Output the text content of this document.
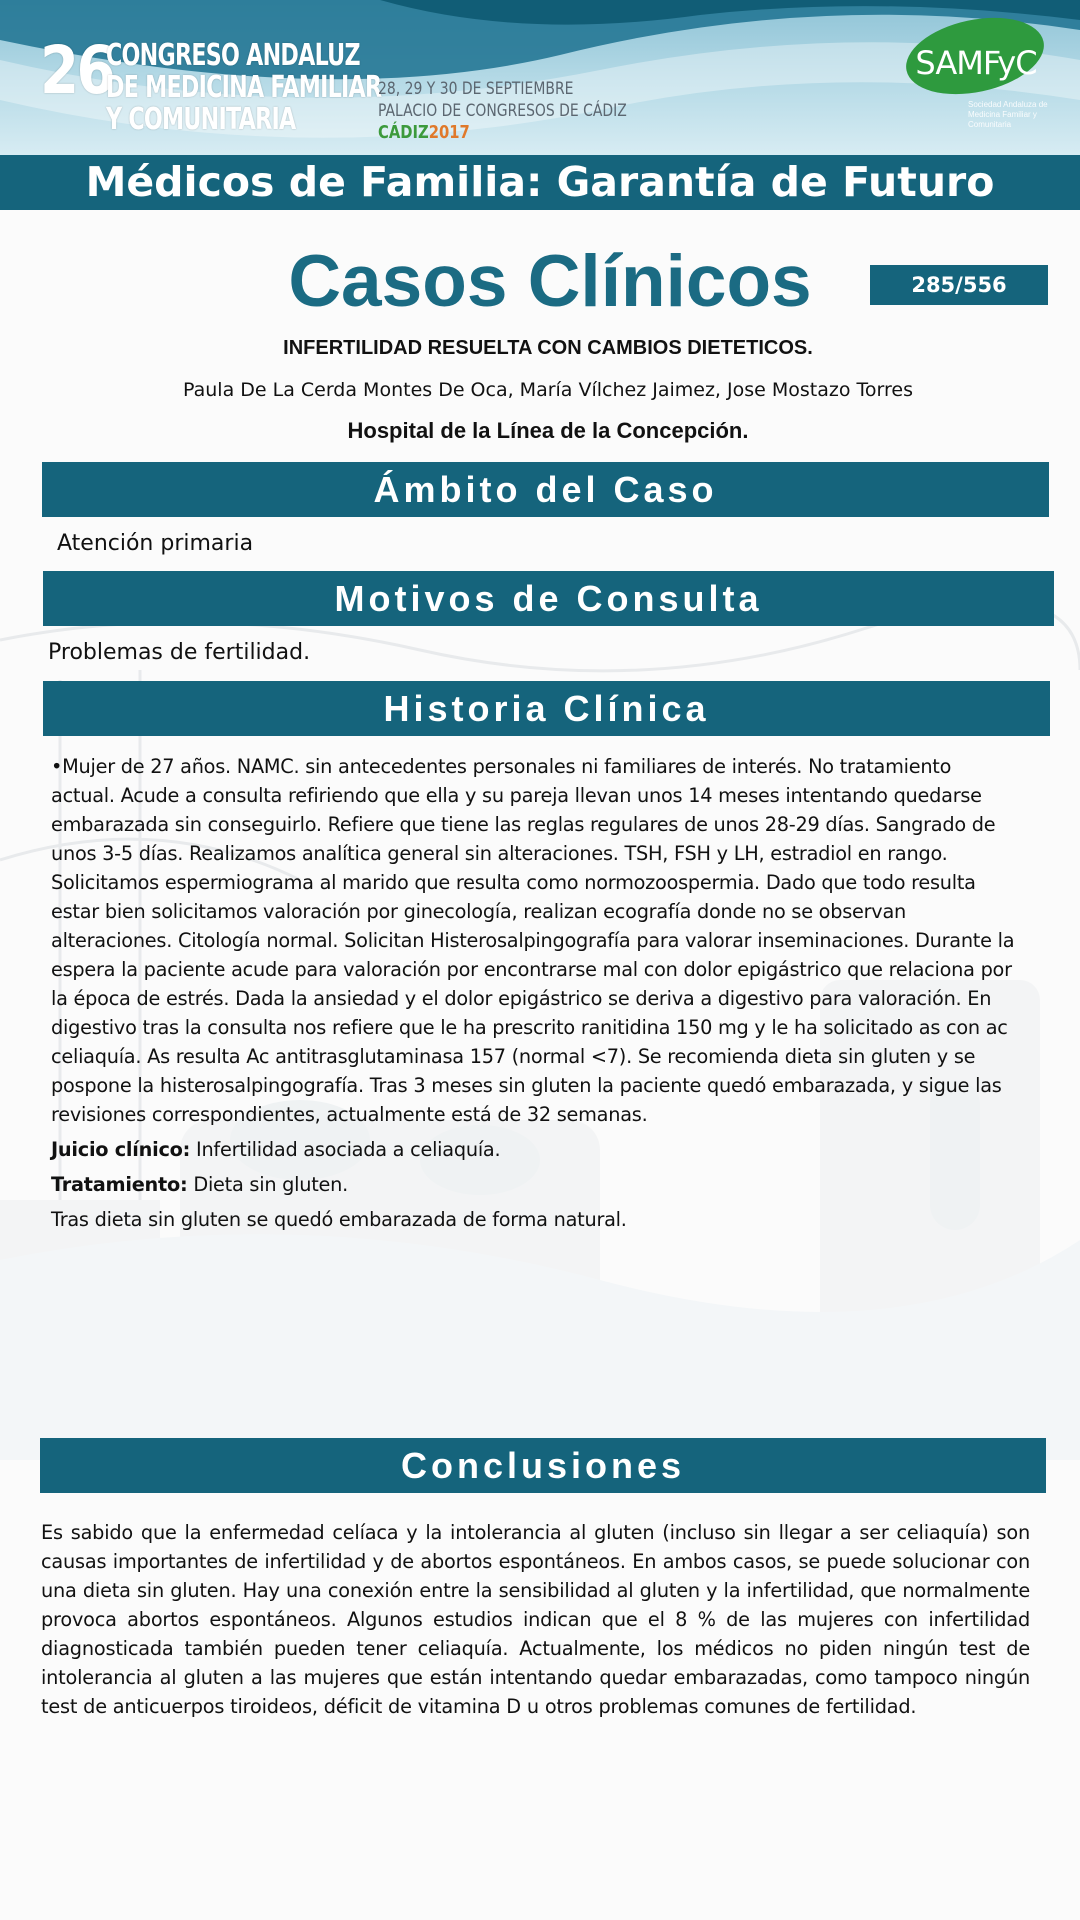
26
CONGRESO ANDALUZ
DE MEDICINA FAMILIAR
Y COMUNITARIA
28, 29 Y 30 DE SEPTIEMBRE
PALACIO DE CONGRESOS DE CÁDIZ
CÁDIZ2017
SAMFyC
Sociedad Andaluza de Medicina Familiar y Comunitaria
Médicos de Familia: Garantía de Futuro
Casos Clínicos	285/556
INFERTILIDAD RESUELTA CON CAMBIOS DIETETICOS.
Paula De La Cerda Montes De Oca, María Vílchez Jaimez, Jose Mostazo Torres
Hospital de la Línea de la Concepción.
Ámbito del Caso
Atención primaria
Motivos de Consulta
Problemas de fertilidad.
Historia Clínica
•Mujer de 27 años. NAMC. sin antecedentes personales ni familiares de interés. No tratamiento
actual. Acude a consulta refiriendo que ella y su pareja llevan unos 14 meses intentando quedarse
embarazada sin conseguirlo. Refiere que tiene las reglas regulares de unos 28-29 días. Sangrado de
unos 3-5 días. Realizamos analítica general sin alteraciones. TSH, FSH y LH, estradiol en rango.
Solicitamos espermiograma al marido que resulta como normozoospermia. Dado que todo resulta
estar bien solicitamos valoración por ginecología, realizan ecografía donde no se observan
alteraciones. Citología normal. Solicitan Histerosalpingografía para valorar inseminaciones. Durante la
espera la paciente acude para valoración por encontrarse mal con dolor epigástrico que relaciona por
la época de estrés. Dada la ansiedad y el dolor epigástrico se deriva a digestivo para valoración. En
digestivo tras la consulta nos refiere que le ha prescrito ranitidina 150 mg y le ha solicitado as con ac
celiaquía. As resulta Ac antitrasglutaminasa 157 (normal <7). Se recomienda dieta sin gluten y se
pospone la histerosalpingografía. Tras 3 meses sin gluten la paciente quedó embarazada, y sigue las
revisiones correspondientes, actualmente está de 32 semanas.

Juicio clínico: Infertilidad asociada a celiaquía.

Tratamiento: Dieta sin gluten.

Tras dieta sin gluten se quedó embarazada de forma natural.

Conclusiones
Es sabido que la enfermedad celíaca y la intolerancia al gluten (incluso sin llegar a ser celiaquía) son causas importantes de infertilidad y de abortos espontáneos. En ambos casos, se puede solucionar con una dieta sin gluten. Hay una conexión entre la sensibilidad al gluten y la infertilidad, que normalmente provoca abortos espontáneos. Algunos estudios indican que el 8 % de las mujeres con infertilidad diagnosticada también pueden tener celiaquía. Actualmente, los médicos no piden ningún test de intolerancia al gluten a las mujeres que están intentando quedar embarazadas, como tampoco ningún test de anticuerpos tiroideos, déficit de vitamina D u otros problemas comunes de fertilidad.
